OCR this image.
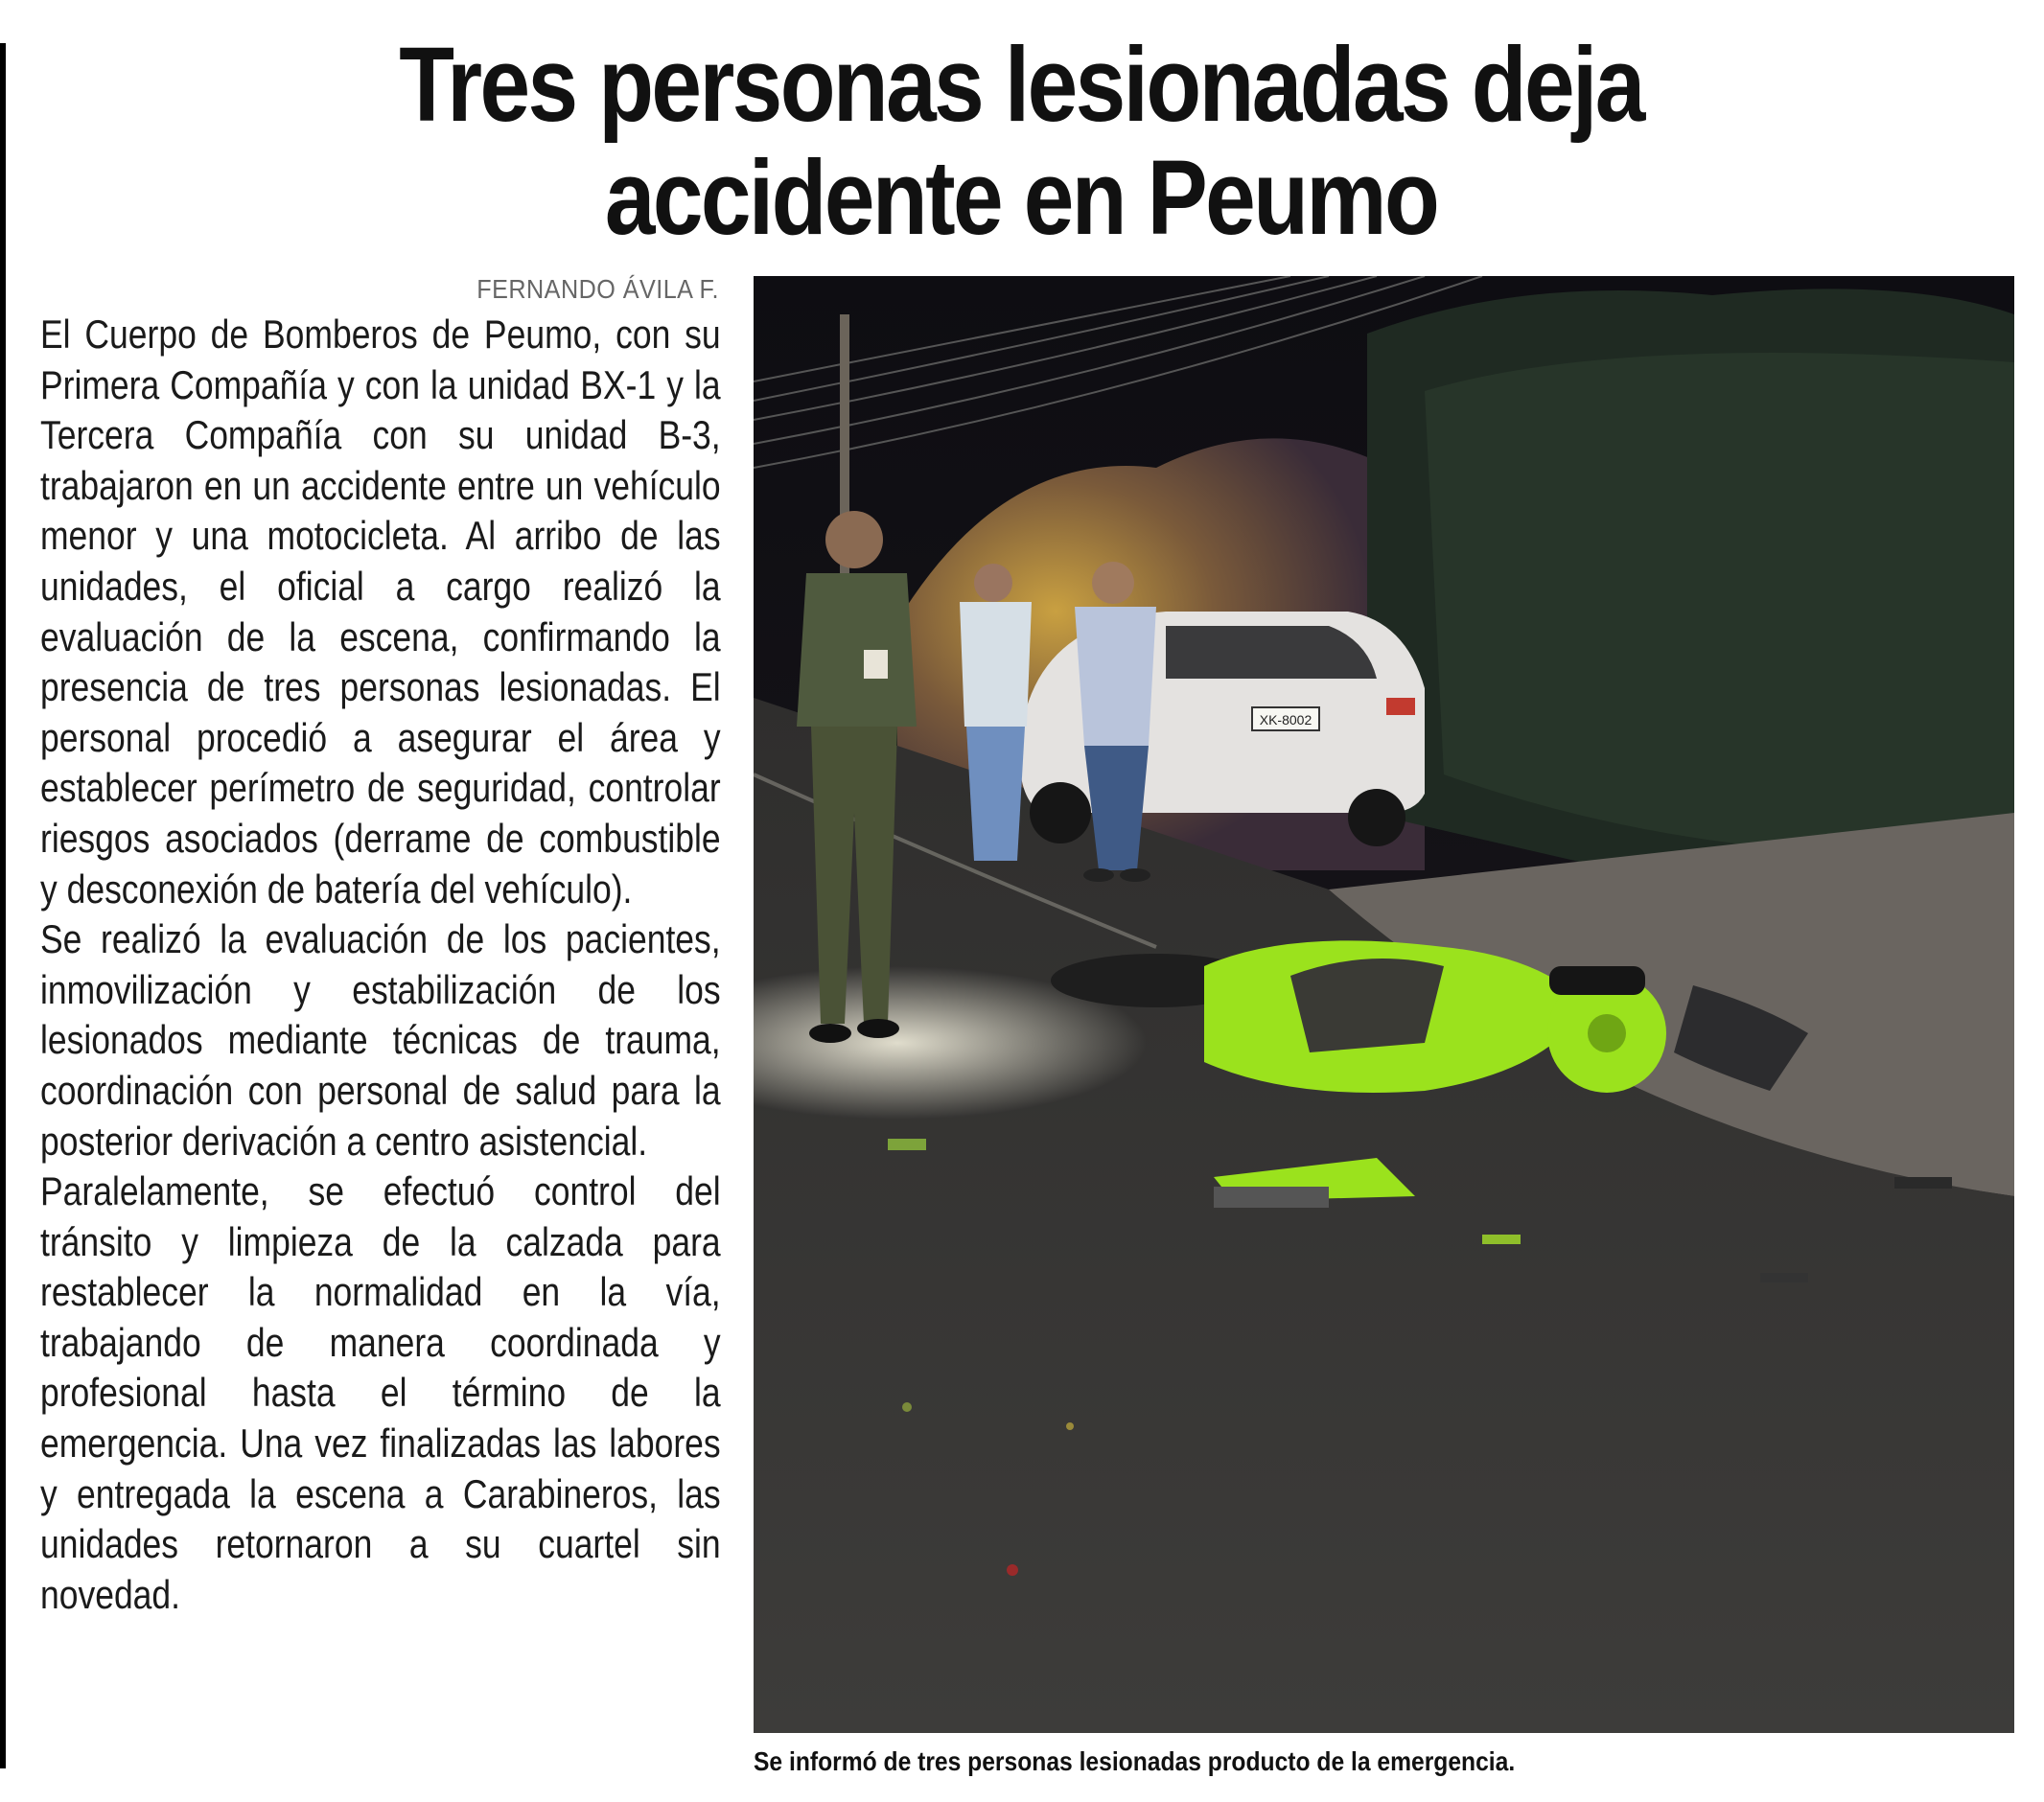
Tres personas lesionadas deja
accidente en Peumo
FERNANDO ÁVILA F.

El Cuerpo de Bomberos de Peumo, con su Primera Compañía y con la unidad BX-1 y la Tercera Compañía con su unidad B-3, trabajaron en un accidente entre un vehículo menor y una motocicleta. Al arribo de las unidades, el oficial a cargo realizó la evaluación de la escena, confirmando la presencia de tres personas lesionadas. El personal procedió a asegurar el área y establecer perímetro de seguridad, controlar riesgos asociados (derrame de combustible y desconexión de batería del vehículo).

Se realizó la evaluación de los pacientes, inmovilización y estabilización de los lesionados mediante técnicas de trauma, coordinación con personal de salud para la posterior derivación a centro asistencial.

Paralelamente, se efectuó control del tránsito y limpieza de la calzada para restablecer la normalidad en la vía, trabajando de manera coordinada y profesional hasta el término de la emergencia. Una vez finalizadas las labores y entregada la escena a Carabineros, las unidades retornaron a su cuartel sin novedad.

XK-8002
Se informó de tres personas lesionadas producto de la emergencia.
